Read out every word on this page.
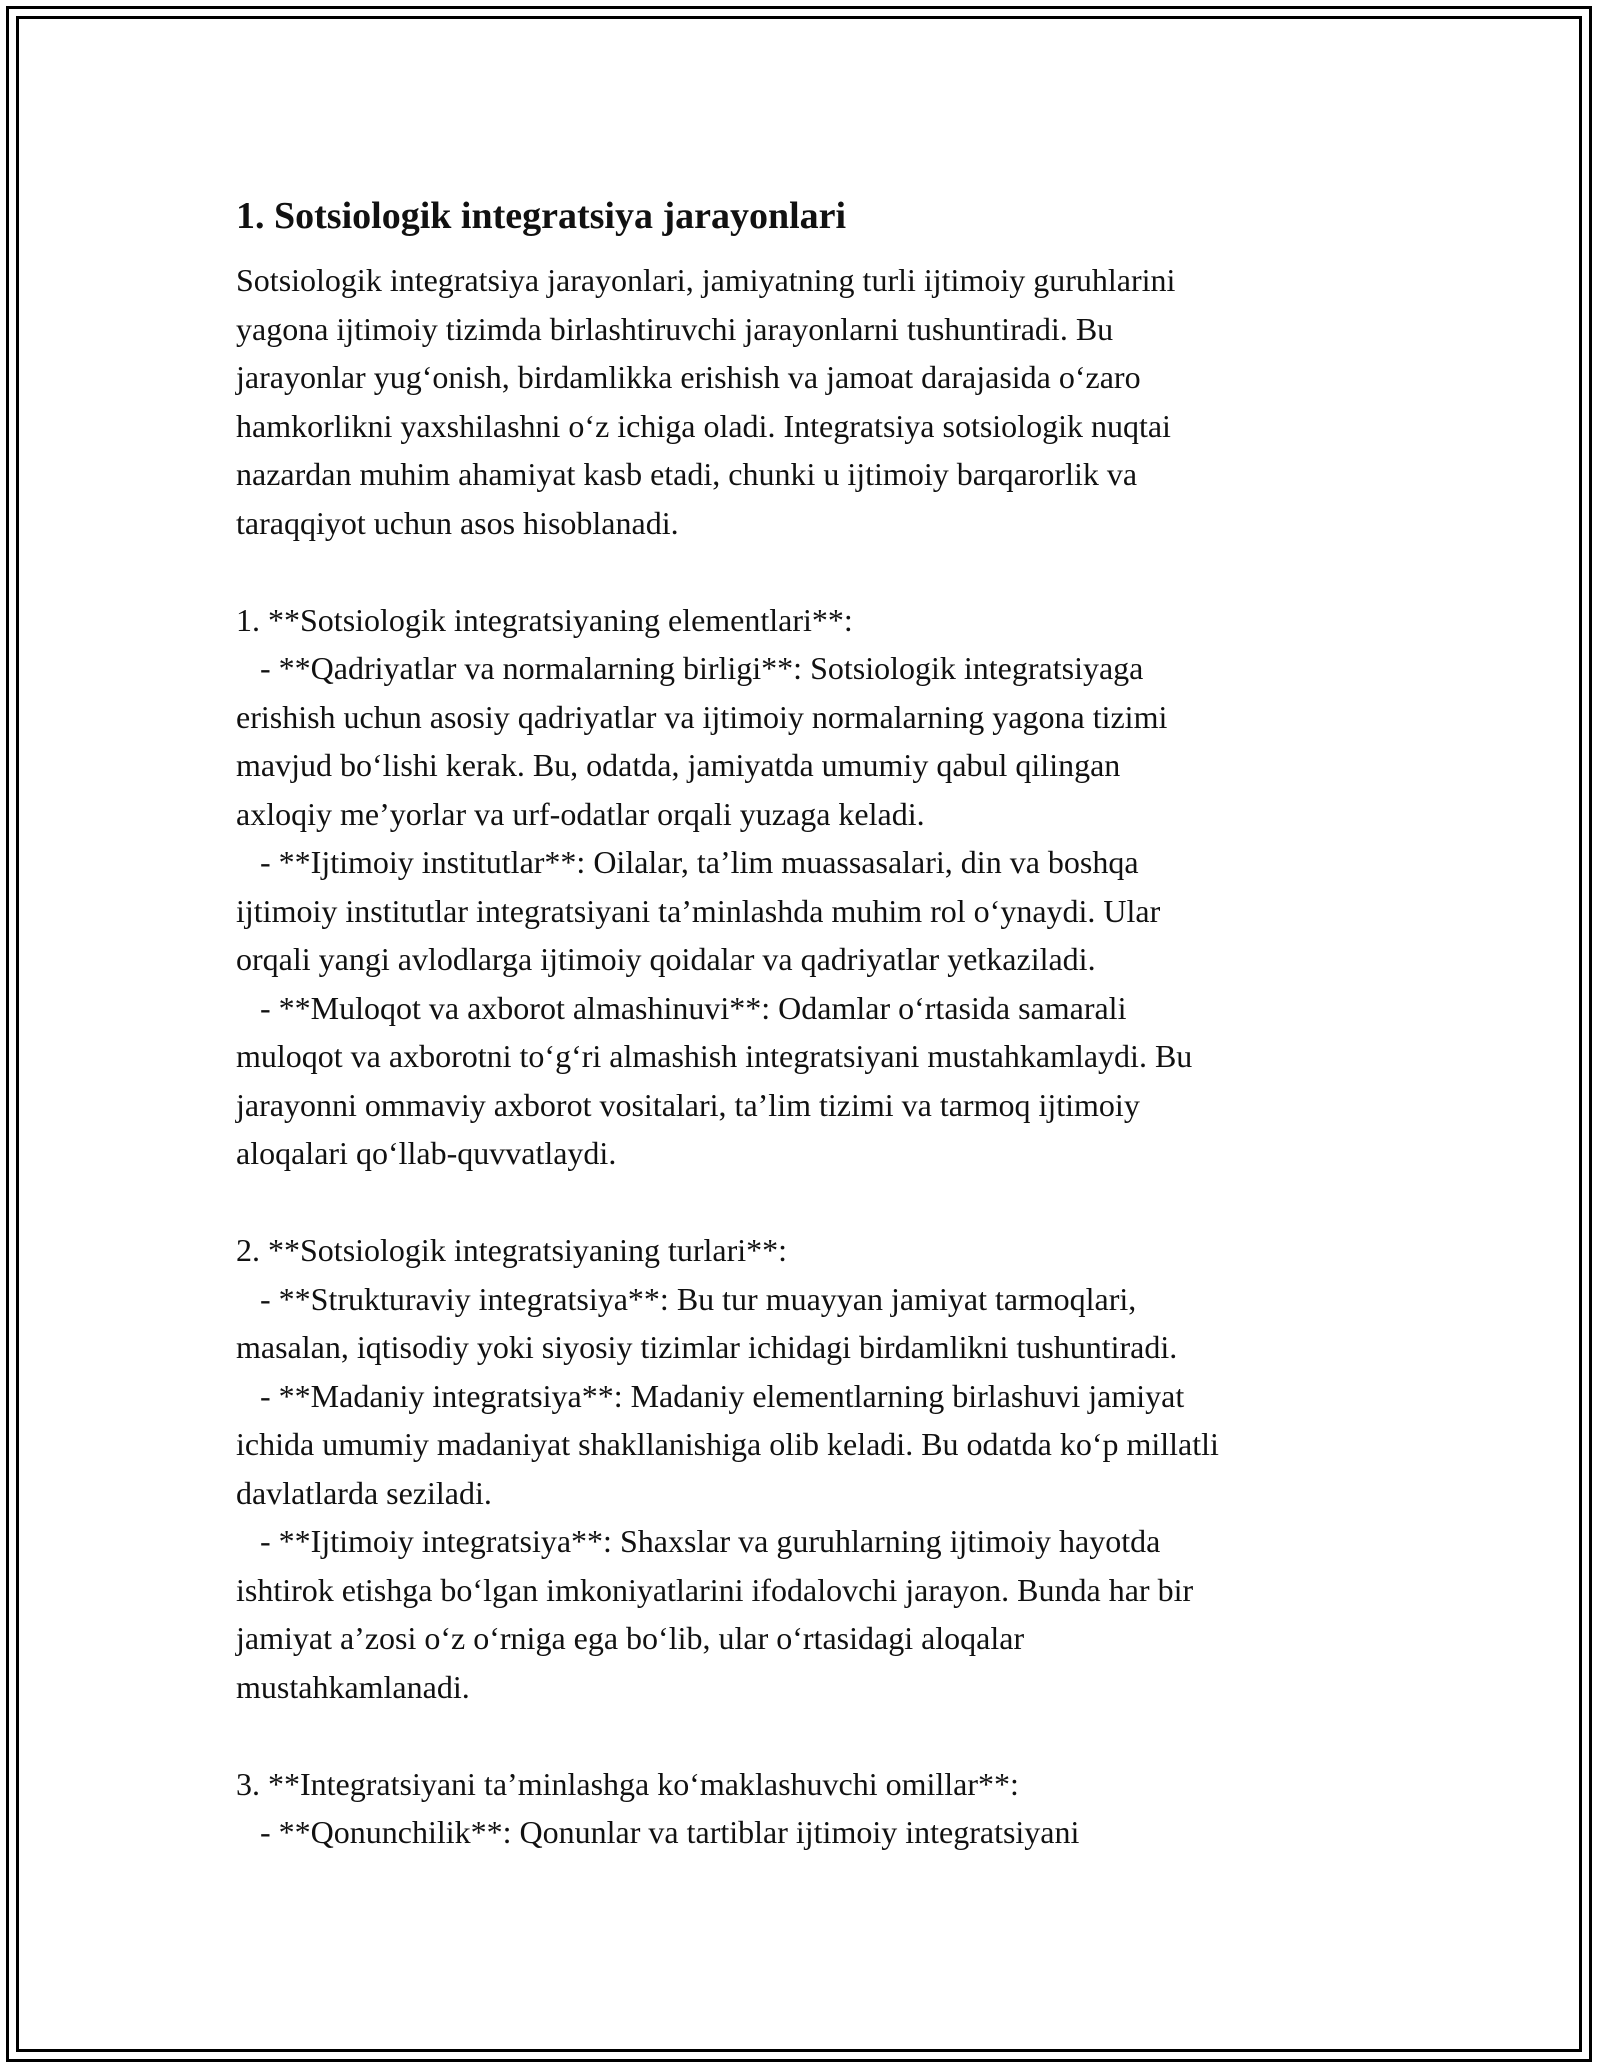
1. Sotsiologik integratsiya jarayonlari

Sotsiologik integratsiya jarayonlari, jamiyatning turli ijtimoiy guruhlarini
yagona ijtimoiy tizimda birlashtiruvchi jarayonlarni tushuntiradi. Bu
jarayonlar yug‘onish, birdamlikka erishish va jamoat darajasida o‘zaro
hamkorlikni yaxshilashni o‘z ichiga oladi. Integratsiya sotsiologik nuqtai
nazardan muhim ahamiyat kasb etadi, chunki u ijtimoiy barqarorlik va
taraqqiyot uchun asos hisoblanadi.

1. **Sotsiologik integratsiyaning elementlari**:
- **Qadriyatlar va normalarning birligi**: Sotsiologik integratsiyaga
erishish uchun asosiy qadriyatlar va ijtimoiy normalarning yagona tizimi
mavjud bo‘lishi kerak. Bu, odatda, jamiyatda umumiy qabul qilingan
axloqiy me’yorlar va urf-odatlar orqali yuzaga keladi.
- **Ijtimoiy institutlar**: Oilalar, ta’lim muassasalari, din va boshqa
ijtimoiy institutlar integratsiyani ta’minlashda muhim rol o‘ynaydi. Ular
orqali yangi avlodlarga ijtimoiy qoidalar va qadriyatlar yetkaziladi.
- **Muloqot va axborot almashinuvi**: Odamlar o‘rtasida samarali
muloqot va axborotni to‘g‘ri almashish integratsiyani mustahkamlaydi. Bu
jarayonni ommaviy axborot vositalari, ta’lim tizimi va tarmoq ijtimoiy
aloqalari qo‘llab-quvvatlaydi.

2. **Sotsiologik integratsiyaning turlari**:
- **Strukturaviy integratsiya**: Bu tur muayyan jamiyat tarmoqlari,
masalan, iqtisodiy yoki siyosiy tizimlar ichidagi birdamlikni tushuntiradi.
- **Madaniy integratsiya**: Madaniy elementlarning birlashuvi jamiyat
ichida umumiy madaniyat shakllanishiga olib keladi. Bu odatda ko‘p millatli
davlatlarda seziladi.
- **Ijtimoiy integratsiya**: Shaxslar va guruhlarning ijtimoiy hayotda
ishtirok etishga bo‘lgan imkoniyatlarini ifodalovchi jarayon. Bunda har bir
jamiyat a’zosi o‘z o‘rniga ega bo‘lib, ular o‘rtasidagi aloqalar
mustahkamlanadi.

3. **Integratsiyani ta’minlashga ko‘maklashuvchi omillar**:
- **Qonunchilik**: Qonunlar va tartiblar ijtimoiy integratsiyani
